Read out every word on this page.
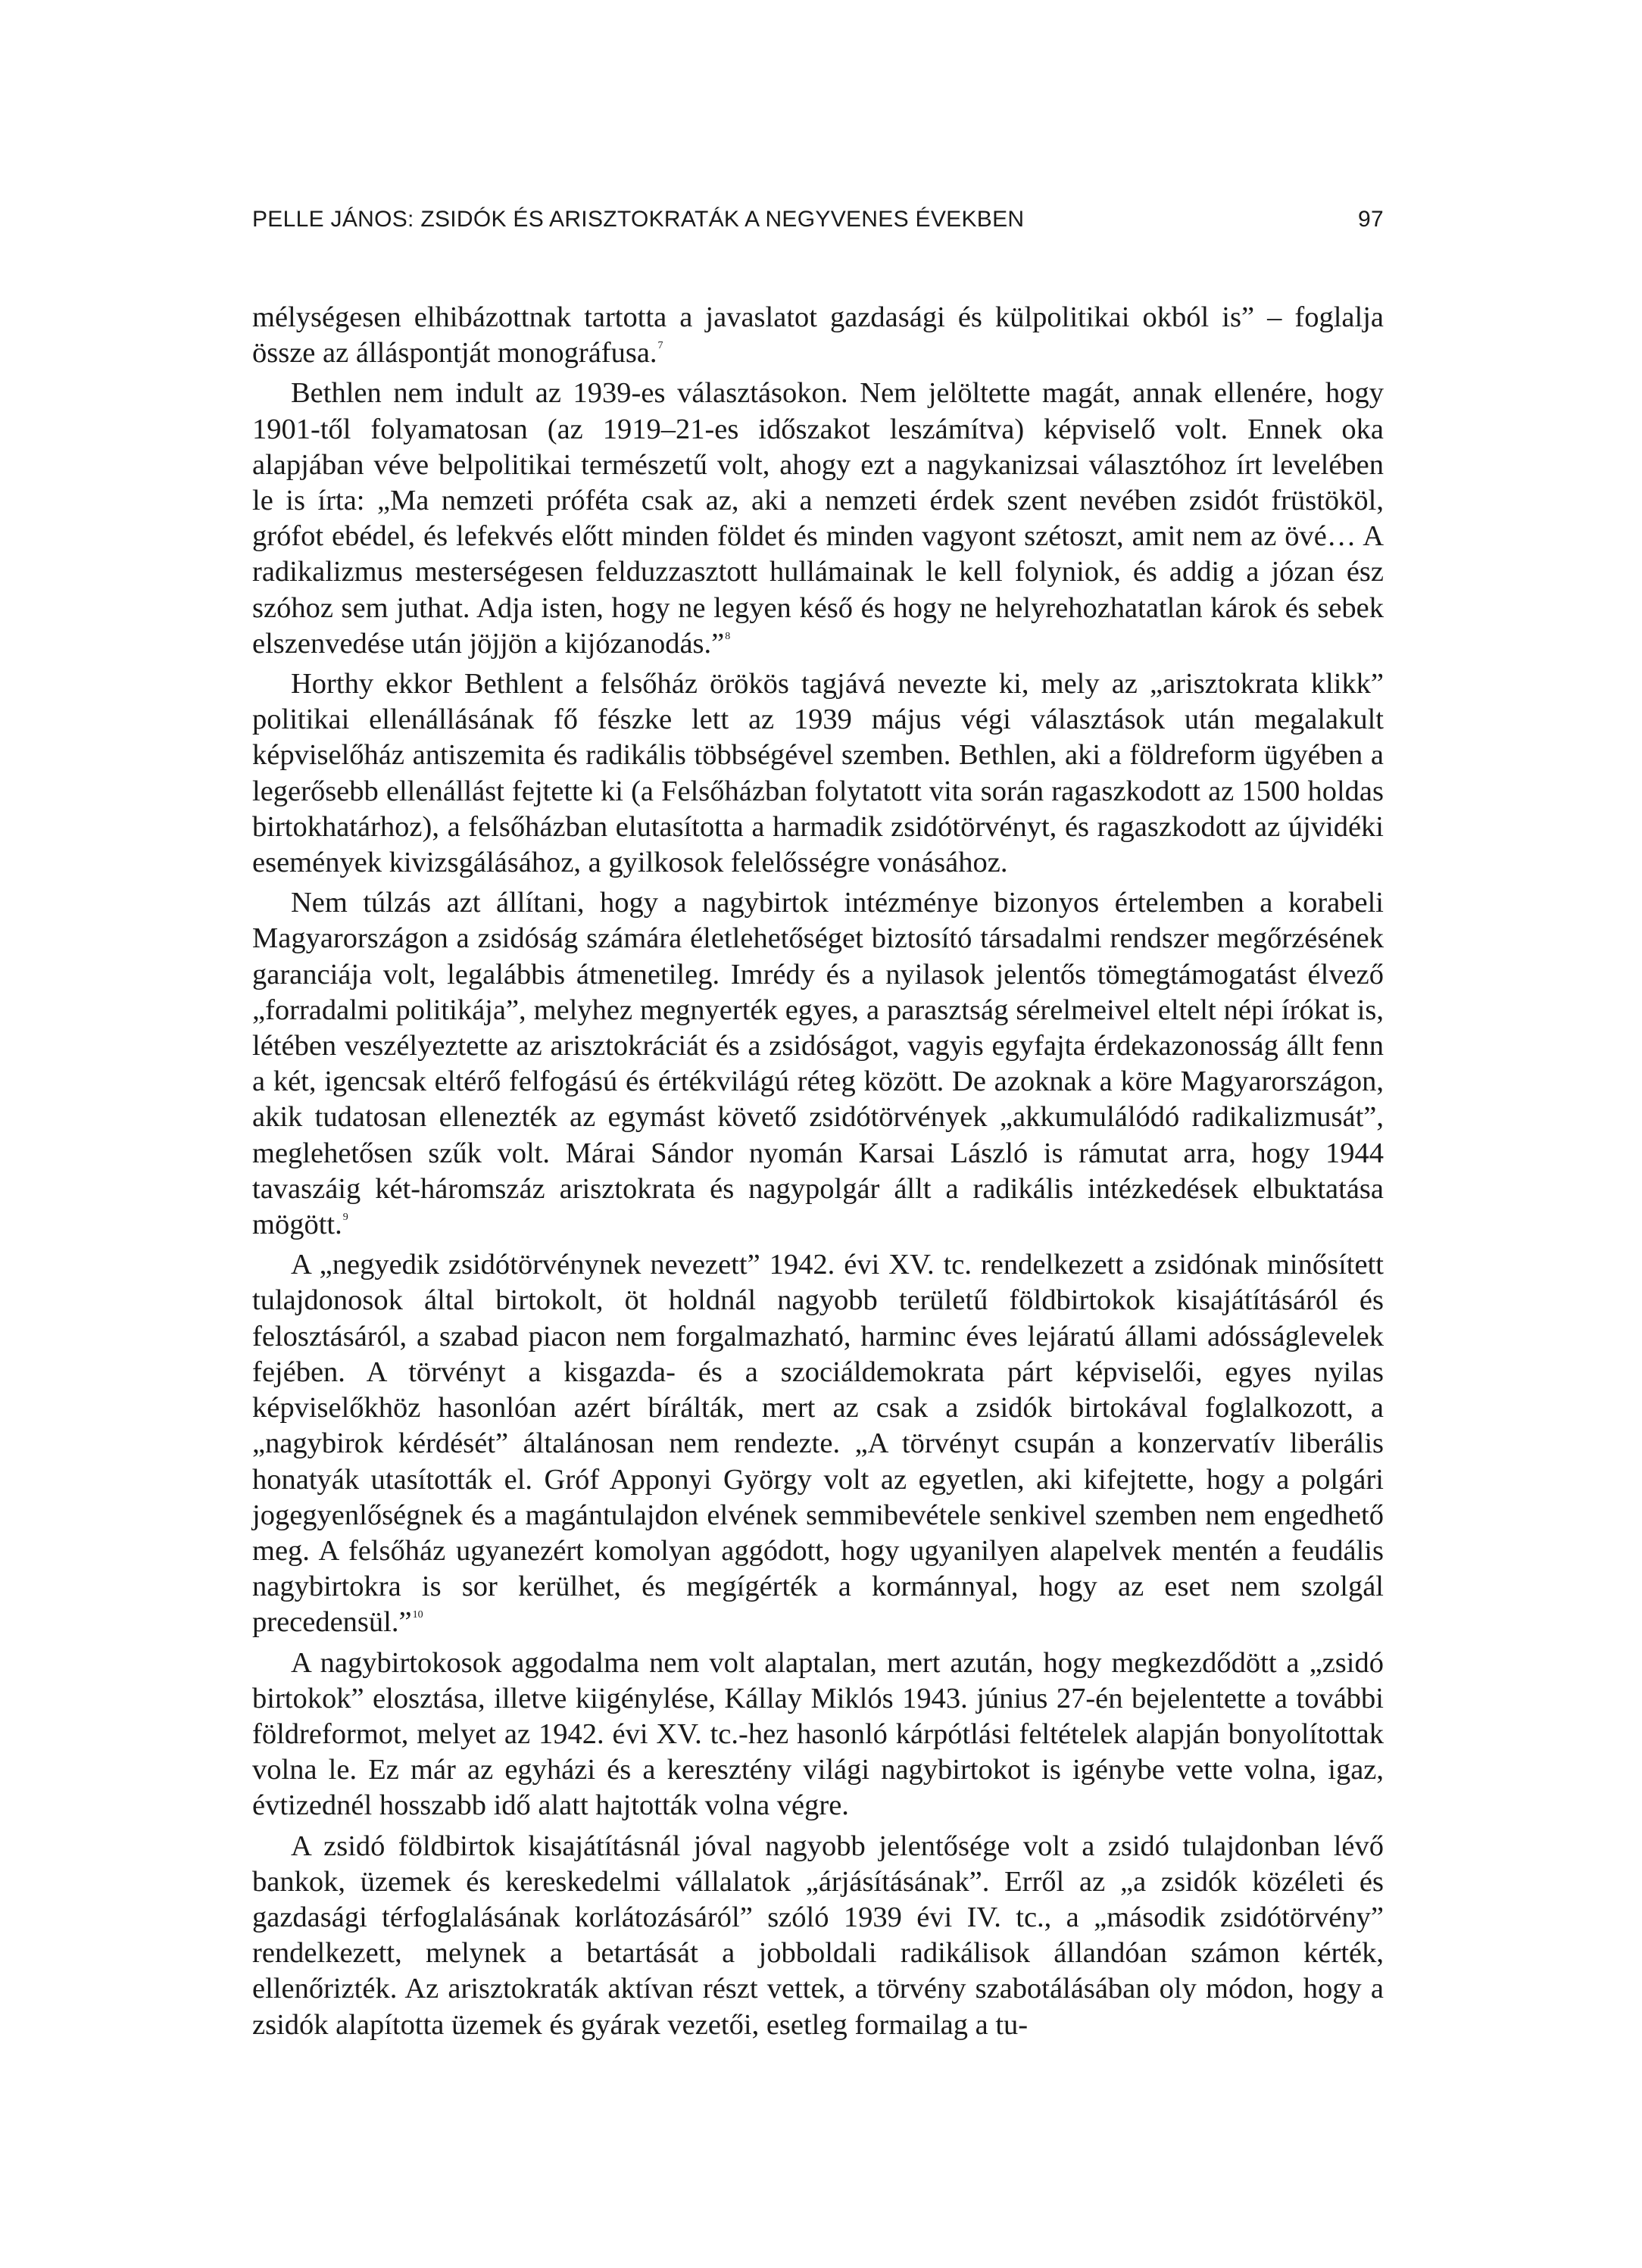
PELLE JÁNOS: ZSIDÓK ÉS ARISZTOKRATÁK A NEGYVENES ÉVEKBEN	97

mélységesen elhibázottnak tartotta a javaslatot gazdasági és külpolitikai okból is” – foglalja össze az álláspontját monográfusa.$^7$

Bethlen nem indult az 1939-es választásokon. Nem jelöltette magát, annak ellenére, hogy 1901-től folyamatosan (az 1919–21-es időszakot leszámítva) képviselő volt. Ennek oka alapjában véve belpolitikai természetű volt, ahogy ezt a nagykanizsai választóhoz írt levelében le is írta: „Ma nemzeti próféta csak az, aki a nemzeti érdek szent nevében zsidót früstököl, grófot ebédel, és lefekvés előtt minden földet és minden vagyont szétoszt, amit nem az övé… A radikalizmus mesterségesen felduzzasztott hullámainak le kell folyniok, és addig a józan ész szóhoz sem juthat. Adja isten, hogy ne legyen késő és hogy ne helyrehozhatatlan károk és sebek elszenvedése után jöjjön a kijózanodás.”$^8$

Horthy ekkor Bethlent a felsőház örökös tagjává nevezte ki, mely az „arisztokrata klikk” politikai ellenállásának fő fészke lett az 1939 május végi választások után megalakult képviselőház antiszemita és radikális többségével szemben. Bethlen, aki a földreform ügyében a legerősebb ellenállást fejtette ki (a Felsőházban folytatott vita során ragaszkodott az 1500 holdas birtokhatárhoz), a felsőházban elutasította a harmadik zsidótörvényt, és ragaszkodott az újvidéki események kivizsgálásához, a gyilkosok felelősségre vonásához.

Nem túlzás azt állítani, hogy a nagybirtok intézménye bizonyos értelemben a korabeli Magyarországon a zsidóság számára életlehetőséget biztosító társadalmi rendszer megőrzésének garanciája volt, legalábbis átmenetileg. Imrédy és a nyilasok jelentős tömegtámogatást élvező „forradalmi politikája”, melyhez megnyerték egyes, a parasztság sérelmeivel eltelt népi írókat is, létében veszélyeztette az arisztokráciát és a zsidóságot, vagyis egyfajta érdekazonosság állt fenn a két, igencsak eltérő felfogású és értékvilágú réteg között. De azoknak a köre Magyarországon, akik tudatosan ellenezték az egymást követő zsidótörvények „akkumulálódó radikalizmusát”, meglehetősen szűk volt. Márai Sándor nyomán Karsai László is rámutat arra, hogy 1944 tavaszáig két-háromszáz arisztokrata és nagypolgár állt a radikális intézkedések elbuktatása mögött.$^9$

A „negyedik zsidótörvénynek nevezett” 1942. évi XV. tc. rendelkezett a zsidónak minősített tulajdonosok által birtokolt, öt holdnál nagyobb területű földbirtokok kisajátításáról és felosztásáról, a szabad piacon nem forgalmazható, harminc éves lejáratú állami adósságlevelek fejében. A törvényt a kisgazda- és a szociáldemokrata párt képviselői, egyes nyilas képviselőkhöz hasonlóan azért bírálták, mert az csak a zsidók birtokával foglalkozott, a „nagybirok kérdését” általánosan nem rendezte. „A törvényt csupán a konzervatív liberális honatyák utasították el. Gróf Apponyi György volt az egyetlen, aki kifejtette, hogy a polgári jogegyenlőségnek és a magántulajdon elvének semmibevétele senkivel szemben nem engedhető meg. A felsőház ugyanezért komolyan aggódott, hogy ugyanilyen alapelvek mentén a feudális nagybirtokra is sor kerülhet, és megígérték a kormánnyal, hogy az eset nem szolgál precedensül.”$^{10}$

A nagybirtokosok aggodalma nem volt alaptalan, mert azután, hogy megkezdődött a „zsidó birtokok” elosztása, illetve kiigénylése, Kállay Miklós 1943. június 27-én bejelentette a további földreformot, melyet az 1942. évi XV. tc.-hez hasonló kárpótlási feltételek alapján bonyolítottak volna le. Ez már az egyházi és a keresztény világi nagybirtokot is igénybe vette volna, igaz, évtizednél hosszabb idő alatt hajtották volna végre.

A zsidó földbirtok kisajátításnál jóval nagyobb jelentősége volt a zsidó tulajdonban lévő bankok, üzemek és kereskedelmi vállalatok „árjásításának”. Erről az „a zsidók közéleti és gazdasági térfoglalásának korlátozásáról” szóló 1939 évi IV. tc., a „második zsidótörvény” rendelkezett, melynek a betartását a jobboldali radikálisok állandóan számon kérték, ellenőrizték. Az arisztokraták aktívan részt vettek, a törvény szabotálásában oly módon, hogy a zsidók alapította üzemek és gyárak vezetői, esetleg formailag a tu-
